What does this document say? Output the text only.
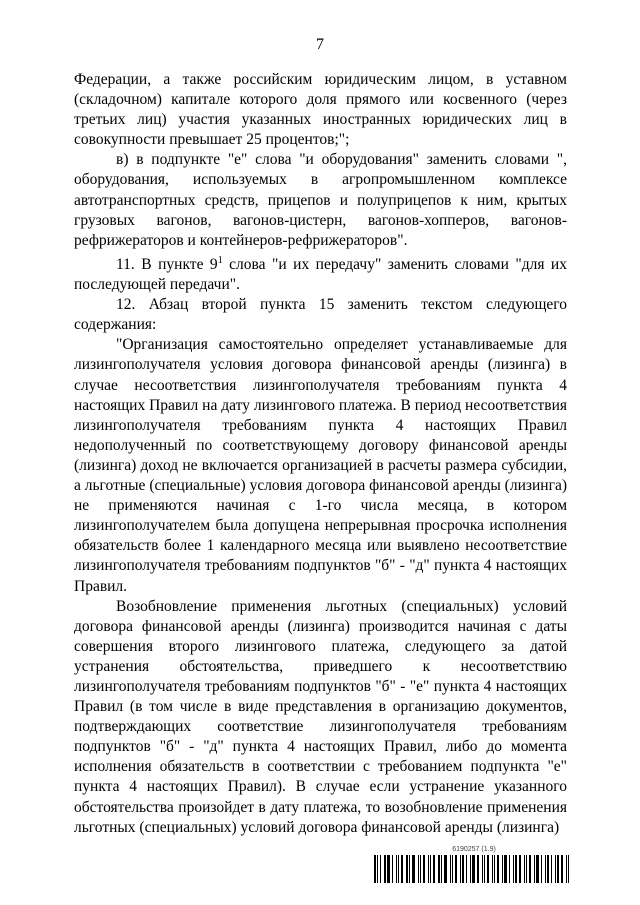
7

Федерации, а также российским юридическим лицом, в уставном (складочном) капитале которого доля прямого или косвенного (через третьих лиц) участия указанных иностранных юридических лиц в совокупности превышает 25 процентов;";

в) в подпункте "е" слова "и оборудования" заменить словами ", оборудования, используемых в агропромышленном комплексе автотранспортных средств, прицепов и полуприцепов к ним, крытых грузовых вагонов, вагонов-цистерн, вагонов-хопперов, вагонов-рефрижераторов и контейнеров-рефрижераторов".

11. В пункте $9^1$ слова "и их передачу" заменить словами "для их последующей передачи".

12. Абзац второй пункта 15 заменить текстом следующего содержания:

"Организация самостоятельно определяет устанавливаемые для лизингополучателя условия договора финансовой аренды (лизинга) в случае несоответствия лизингополучателя требованиям пункта 4 настоящих Правил на дату лизингового платежа. В период несоответствия лизингополучателя требованиям пункта 4 настоящих Правил недополученный по соответствующему договору финансовой аренды (лизинга) доход не включается организацией в расчеты размера субсидии, а льготные (специальные) условия договора финансовой аренды (лизинга) не применяются начиная с 1-го числа месяца, в котором лизингополучателем была допущена непрерывная просрочка исполнения обязательств более 1 календарного месяца или выявлено несоответствие лизингополучателя требованиям подпунктов "б" - "д" пункта 4 настоящих Правил.

Возобновление применения льготных (специальных) условий договора финансовой аренды (лизинга) производится начиная с даты совершения второго лизингового платежа, следующего за датой устранения обстоятельства, приведшего к несоответствию лизингополучателя требованиям подпунктов "б" - "е" пункта 4 настоящих Правил (в том числе в виде представления в организацию документов, подтверждающих соответствие лизингополучателя требованиям подпунктов "б" - "д" пункта 4 настоящих Правил, либо до момента исполнения обязательств в соответствии с требованием подпункта "е" пункта 4 настоящих Правил). В случае если устранение указанного обстоятельства произойдет в дату платежа, то возобновление применения льготных (специальных) условий договора финансовой аренды (лизинга)

6190257 (1.9)
